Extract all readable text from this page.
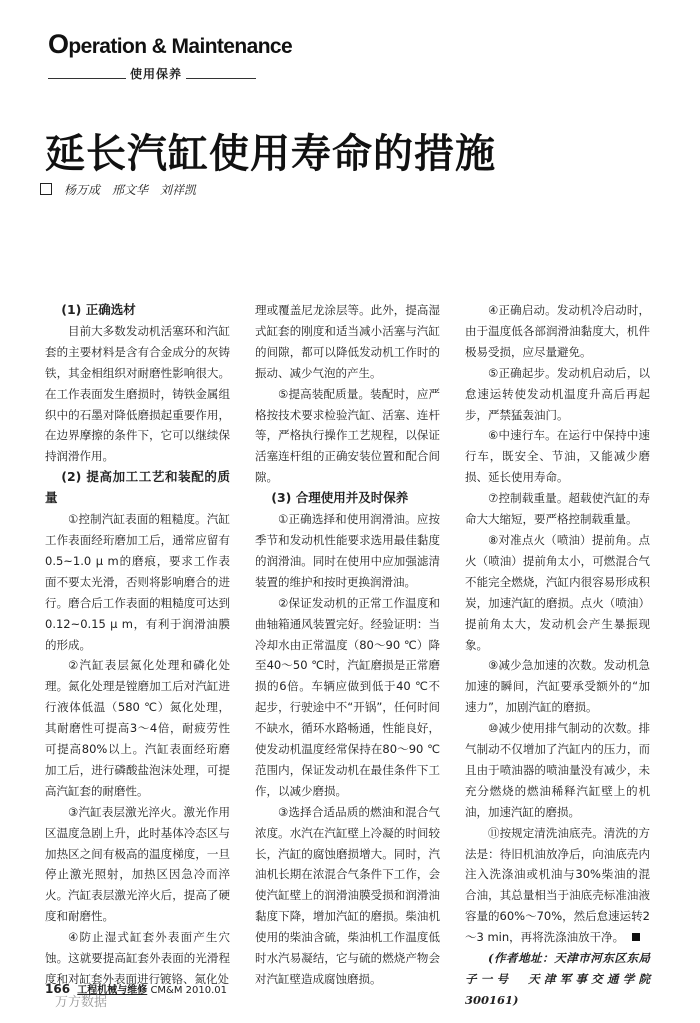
Operation & Maintenance
使用保养
延长汽缸使用寿命的措施
杨万成 邢文华 刘祥凯
(1) 正确选材

目前大多数发动机活塞环和汽缸套的主要材料是含有合金成分的灰铸铁，其金相组织对耐磨性影响很大。在工作表面发生磨损时，铸铁金属组织中的石墨对降低磨损起重要作用，在边界摩擦的条件下，它可以继续保持润滑作用。

(2) 提高加工工艺和装配的质量

①控制汽缸表面的粗糙度。汽缸工作表面经珩磨加工后，通常应留有0.5~1.0 μ m的磨痕，要求工作表面不要太光滑，否则将影响磨合的进行。磨合后工作表面的粗糙度可达到0.12~0.15 μ m，有利于润滑油膜的形成。

②汽缸表层氮化处理和磷化处理。氮化处理是镗磨加工后对汽缸进行液体低温（580 ℃）氮化处理，其耐磨性可提高3～4倍，耐疲劳性可提高80%以上。汽缸表面经珩磨加工后，进行磷酸盐泡沫处理，可提高汽缸套的耐磨性。

③汽缸表层激光淬火。激光作用区温度急剧上升，此时基体冷态区与加热区之间有极高的温度梯度，一旦停止激光照射，加热区因急冷而淬火。汽缸表层激光淬火后，提高了硬度和耐磨性。

④防止湿式缸套外表面产生穴蚀。这就要提高缸套外表面的光滑程度和对缸套外表面进行镀铬、氮化处

理或覆盖尼龙涂层等。此外，提高湿式缸套的刚度和适当减小活塞与汽缸的间隙，都可以降低发动机工作时的振动、减少气泡的产生。

⑤提高装配质量。装配时，应严格按技术要求检验汽缸、活塞、连杆等，严格执行操作工艺规程，以保证活塞连杆组的正确安装位置和配合间隙。

(3) 合理使用并及时保养

①正确选择和使用润滑油。应按季节和发动机性能要求选用最佳黏度的润滑油。同时在使用中应加强滤清装置的维护和按时更换润滑油。

②保证发动机的正常工作温度和曲轴箱通风装置完好。经验证明：当冷却水由正常温度（80～90 ℃）降至40～50 ℃时，汽缸磨损是正常磨损的6倍。车辆应做到低于40 ℃不起步，行驶途中不“开锅”，任何时间不缺水，循环水路畅通，性能良好，使发动机温度经常保持在80～90 ℃范围内，保证发动机在最佳条件下工作，以减少磨损。

③选择合适品质的燃油和混合气浓度。水汽在汽缸壁上冷凝的时间较长，汽缸的腐蚀磨损增大。同时，汽油机长期在浓混合气条件下工作，会使汽缸壁上的润滑油膜受损和润滑油黏度下降，增加汽缸的磨损。柴油机使用的柴油含硫，柴油机工作温度低时水汽易凝结，它与硫的燃烧产物会对汽缸壁造成腐蚀磨损。

④正确启动。发动机冷启动时，由于温度低各部润滑油黏度大，机件极易受损，应尽量避免。

⑤正确起步。发动机启动后，以怠速运转使发动机温度升高后再起步，严禁猛轰油门。

⑥中速行车。在运行中保持中速行车，既安全、节油，又能减少磨损、延长使用寿命。

⑦控制载重量。超载使汽缸的寿命大大缩短，要严格控制载重量。

⑧对准点火（喷油）提前角。点火（喷油）提前角太小，可燃混合气不能完全燃烧，汽缸内很容易形成积炭，加速汽缸的磨损。点火（喷油）提前角太大，发动机会产生暴振现象。

⑨减少急加速的次数。发动机急加速的瞬间，汽缸要承受额外的“加速力”，加剧汽缸的磨损。

⑩减少使用排气制动的次数。排气制动不仅增加了汽缸内的压力，而且由于喷油器的喷油量没有减少，未充分燃烧的燃油稀释汽缸壁上的机油，加速汽缸的磨损。

⑪按规定清洗油底壳。清洗的方法是：待旧机油放净后，向油底壳内注入洗涤油或机油与30%柴油的混合油，其总量相当于油底壳标准油液容量的60%～70%，然后怠速运转2～3 min，再将洗涤油放干净。

(作者地址：天津市河东区东局子一号　天津军事交通学院　300161)

166 工程机械与维修 CM&M 2010.01
万方数据
